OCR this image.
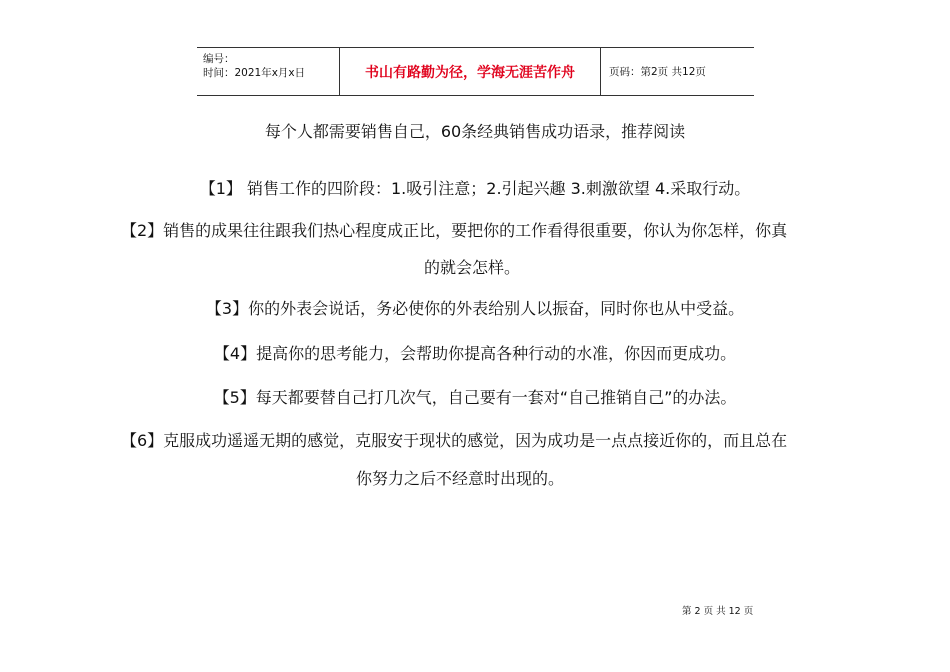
编号：
时间：2021年x月x日	书山有路勤为径，学海无涯苦作舟	页码：第2页 共12页
每个人都需要销售自己，60条经典销售成功语录，推荐阅读
【1】 销售工作的四阶段：1.吸引注意；2.引起兴趣 3.刺激欲望 4.采取行动。
【2】销售的成果往往跟我们热心程度成正比，要把你的工作看得很重要，你认为你怎样，你真
的就会怎样。
【3】你的外表会说话，务必使你的外表给别人以振奋，同时你也从中受益。
【4】提高你的思考能力，会帮助你提高各种行动的水准，你因而更成功。
【5】每天都要替自己打几次气，自己要有一套对“自己推销自己”的办法。
【6】克服成功遥遥无期的感觉，克服安于现状的感觉，因为成功是一点点接近你的，而且总在
你努力之后不经意时出现的。
第 2 页 共 12 页
